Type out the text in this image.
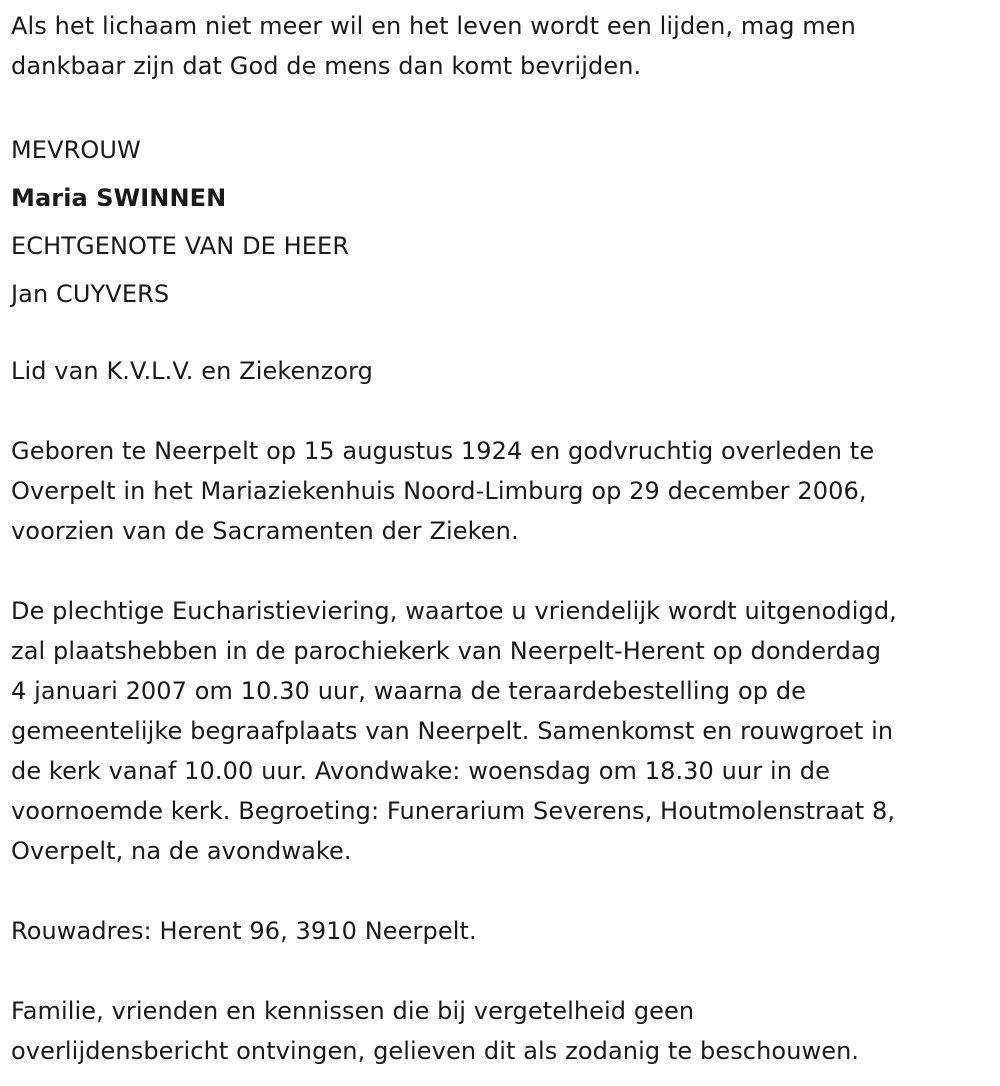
Als het lichaam niet meer wil en het leven wordt een lijden, mag men
dankbaar zijn dat God de mens dan komt bevrijden.

MEVROUW
Maria SWINNEN
ECHTGENOTE VAN DE HEER
Jan CUYVERS

Lid van K.V.L.V. en Ziekenzorg

Geboren te Neerpelt op 15 augustus 1924 en godvruchtig overleden te
Overpelt in het Mariaziekenhuis Noord-Limburg op 29 december 2006,
voorzien van de Sacramenten der Zieken.

De plechtige Eucharistieviering, waartoe u vriendelijk wordt uitgenodigd,
zal plaatshebben in de parochiekerk van Neerpelt-Herent op donderdag
4 januari 2007 om 10.30 uur, waarna de teraardebestelling op de
gemeentelijke begraafplaats van Neerpelt. Samenkomst en rouwgroet in
de kerk vanaf 10.00 uur. Avondwake: woensdag om 18.30 uur in de
voornoemde kerk. Begroeting: Funerarium Severens, Houtmolenstraat 8,
Overpelt, na de avondwake.

Rouwadres: Herent 96, 3910 Neerpelt.

Familie, vrienden en kennissen die bij vergetelheid geen
overlijdensbericht ontvingen, gelieven dit als zodanig te beschouwen.
